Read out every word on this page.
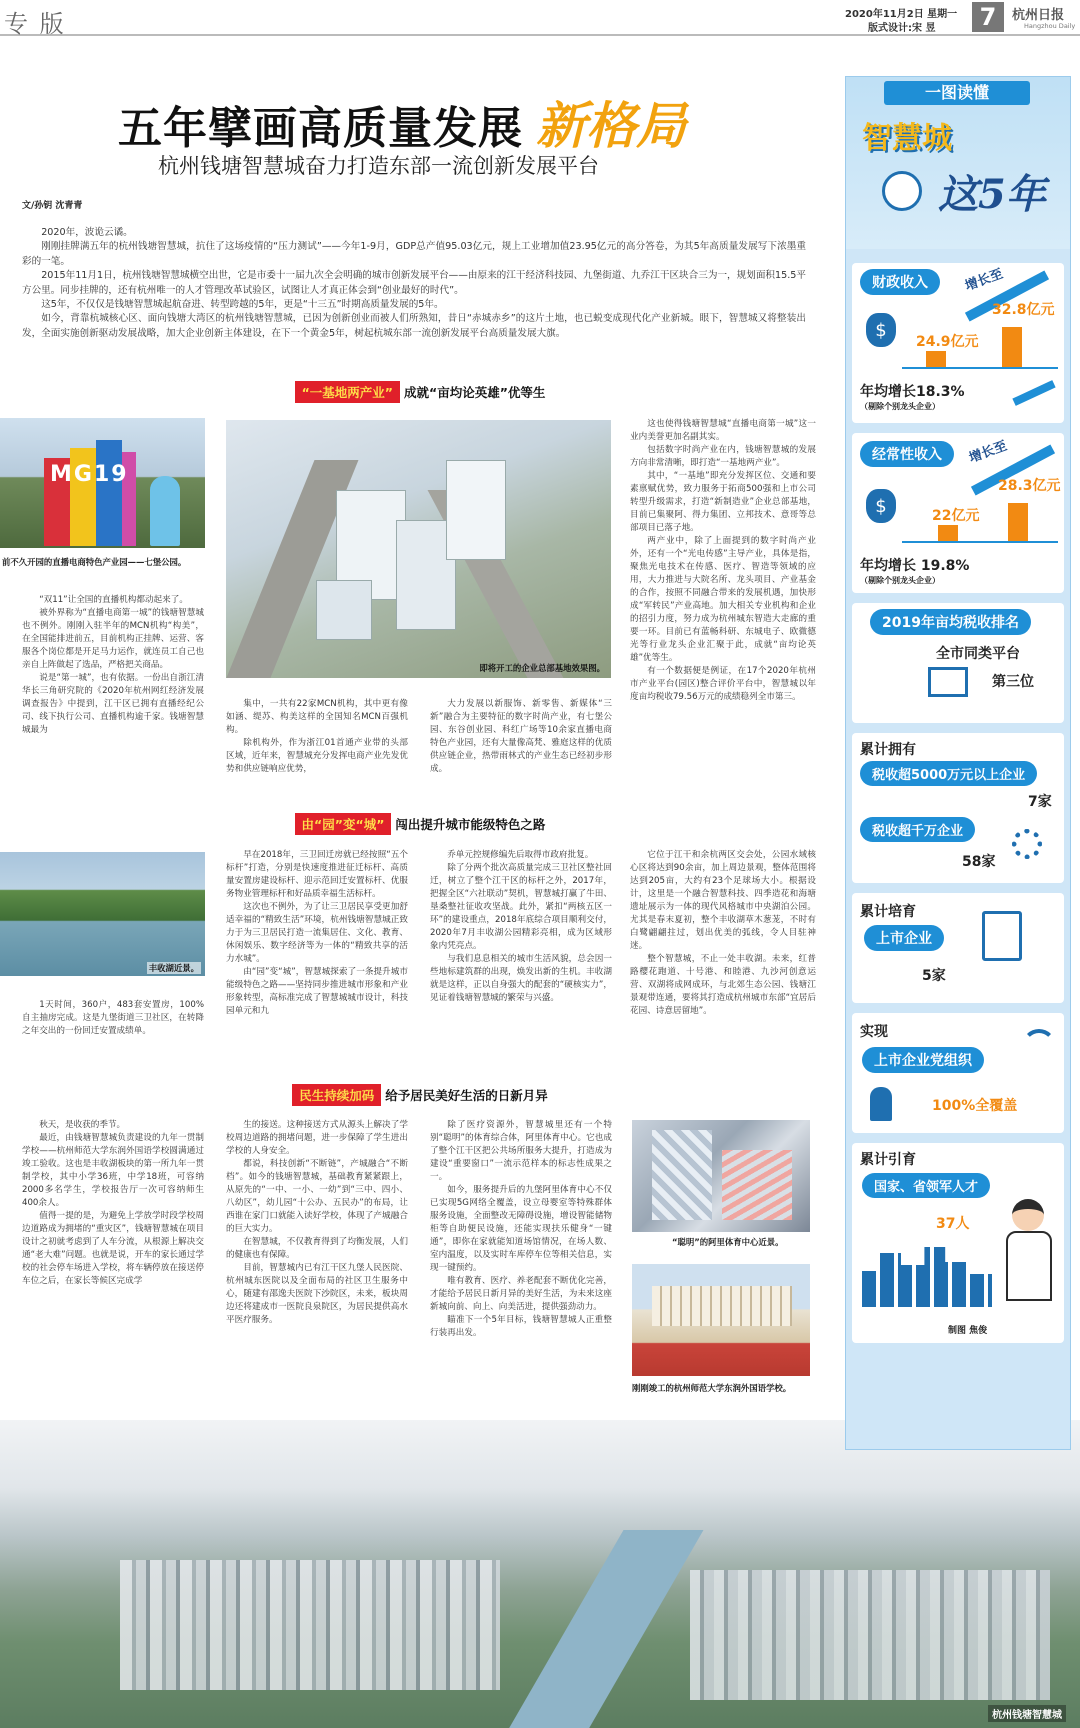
专 版	2020年11月2日 星期一
版式设计:宋 昱	7	杭州日报
Hangzhou Daily
五年擘画高质量发展 新格局
杭州钱塘智慧城奋力打造东部一流创新发展平台
文/孙钥 沈青青

2020年，波诡云谲。

刚刚挂牌满五年的杭州钱塘智慧城，抗住了这场疫情的“压力测试”——今年1-9月，GDP总产值95.03亿元，规上工业增加值23.95亿元的高分答卷，为其5年高质量发展写下浓墨重彩的一笔。

2015年11月1日，杭州钱塘智慧城横空出世，它是市委十一届九次全会明确的城市创新发展平台——由原来的江干经济科技园、九堡街道、九乔江干区块合三为一，规划面积15.5平方公里。同步挂牌的，还有杭州唯一的人才管理改革试验区，试图让人才真正体会到“创业最好的时代”。

这5年，不仅仅是钱塘智慧城起航奋进、转型跨越的5年，更是“十三五”时期高质量发展的5年。

如今，背靠杭城核心区、面向钱塘大湾区的杭州钱塘智慧城，已因为创新创业而被人们所熟知，昔日“赤城赤乡”的这片土地，也已蜕变成现代化产业新城。眼下，智慧城又将整装出发，全面实施创新驱动发展战略，加大企业创新主体建设，在下一个黄金5年，树起杭城东部一流创新发展平台高质量发展大旗。

“一基地两产业” 成就“亩均论英雄”优等生
MG19
前不久开园的直播电商特色产业园——七堡公园。
即将开工的企业总部基地效果图。

“双11”让全国的直播机构都动起来了。

被外界称为“直播电商第一城”的钱塘智慧城也不例外。刚刚入驻半年的MCN机构“构美”，在全国能排进前五，目前机构正挂牌、运营、客服各个岗位都是开足马力运作，就连员工自己也亲自上阵做起了选品，严格把关商品。

说是“第一城”，也有依据。一份出自浙江清华长三角研究院的《2020年杭州网红经济发展调查报告》中提到，江干区已拥有直播经纪公司、线下执行公司、直播机构逾千家。钱塘智慧城最为

集中，一共有22家MCN机构，其中更有像如涵、缇苏、构美这样的全国知名MCN百强机构。

除机构外，作为浙江01首通产业带的头部区域，近年来，智慧城充分发挥电商产业先发优势和供应链响应优势，

大力发展以新服饰、新零售、新媒体“三新”融合为主要特征的数字时尚产业，有七堡公园、东谷创业园、科红广场等10余家直播电商特色产业园，还有大量像高梵、雅庭这样的优质供应链企业，热带雨林式的产业生态已经初步形成。

这也使得钱塘智慧城“直播电商第一城”这一业内美誉更加名副其实。

包括数字时尚产业在内，钱塘智慧城的发展方向非常清晰，即打造“一基地两产业”。

其中，“一基地”即充分发挥区位、交通和要素禀赋优势，致力服务于拓商500强和上市公司转型升级需求，打造“新制造业”企业总部基地，目前已集聚阿、得力集团、立邦技术、意哥等总部项目已落子地。

两产业中，除了上面提到的数字时尚产业外，还有一个“光电传感”主导产业，具体是指，聚焦光电技术在传感、医疗、智造等领域的应用，大力推进与大院名所、龙头项目、产业基金的合作，按照不同融合带来的发展机遇，加快形成“军转民”产业高地。加大相关专业机构和企业的招引力度，努力成为杭州城东智造大走廊的重要一环。目前已有蓝畅科研、东城电子、欧微德光等行业龙头企业汇聚于此，成就“亩均论英雄”优等生。

有一个数据便是例证，在17个2020年杭州市产业平台(园区)整合评价平台中，智慧城以年度亩均税收79.56万元的成绩稳列全市第三。

由“园”变“城” 闯出提升城市能级特色之路
丰收湖近景。

1天时间，360户，483套安置房，100%自主抽房完成。这是九堡街道三卫社区，在转降之年交出的一份回迁安置成绩单。

早在2018年，三卫回迁房就已经按照“五个标杆”打造，分别是快速度推进征迁标杆、高质量安置房建设标杆、迎示范回迁安置标杆、优服务物业管理标杆和好品质幸福生活标杆。

这次也不例外，为了让三卫居民享受更加舒适幸福的“精致生活”环境，杭州钱塘智慧城正致力于为三卫居民打造一流集居住、文化、教育、休闲娱乐、数字经济等为一体的“精致共享的活力水城”。

由“园”变“城”，智慧城探索了一条提升城市能级特色之路——坚持同步推进城市形象和产业形象转型，高标准完成了智慧城城市设计，科技园单元和九

乔单元控规修编先后取得市政府批复。

除了分两个批次高质量完成三卫社区整社回迁，树立了整个江干区的标杆之外，2017年，把握全区“六社联动”契机，智慧城打赢了牛田、垦桑整社征收攻坚战。此外，紧扣“两核五区一环”的建设重点，2018年底综合项目顺利交付，2020年7月丰收湖公园精彩亮相，成为区域形象内凭亮点。

与我们息息相关的城市生活风貌，总会因一些地标建筑群的出现，焕发出新的生机。丰收湖就是这样，正以自身强大的配套的“硬核实力”，见证着钱塘智慧城的繁荣与兴盛。

它位于江干和余杭两区交会处，公园水域核心区将达到90余亩，加上周边景观，整体范围将达到205亩，大约有23个足球场大小。根据设计，这里是一个融合智慧科技、四季造花和海塘遗址展示为一体的现代风格城市中央湖泊公园。尤其是春末夏初，整个丰收湖草木葱茏，不时有白鹭翩翩拄过，划出优美的弧线，令人目驻神迷。

整个智慧城，不止一处丰收湖。未来，红普路樱花跑道、十号港、和睦港、九沙河创意运营、双湖将成网成环，与北郊生态公园、钱塘江景观带连通，要将其打造成杭州城市东部“宜居后花园、诗意居留地”。

民生持续加码 给予居民美好生活的日新月异

秋天，是收获的季节。

最近，由钱塘智慧城负责建设的九年一贯制学校——杭州师范大学东润外国语学校圆满通过竣工验收。这也是丰收湖板块的第一所九年一贯制学校，其中小学36班，中学18班，可容纳2000多名学生，学校报告厅一次可容纳师生400余人。

值得一提的是，为避免上学放学时段学校周边道路成为拥堵的“重灾区”，钱塘智慧城在项目设计之初就考虑到了人车分流，从根源上解决交通“老大难”问题。也就是说，开车的家长通过学校的社会停车场进入学校，将车辆停放在接送停车位之后，在家长等候区完成学

生的接送。这种接送方式从源头上解决了学校周边道路的拥堵问题，进一步保障了学生进出学校的人身安全。

都说，科技创新“不断链”，产城融合“不断档”。如今的钱塘智慧城，基础教育紧紧跟上，从原先的“一中、一小、一幼”到“三中、四小、八幼区”，幼儿园“十公办、五民办”的布局，让西谁在家门口就能入读好学校，体现了产城融合的巨大实力。

在智慧城，不仅教育得到了均衡发展，人们的健康也有保障。

目前，智慧城内已有江干区九堡人民医院、杭州城东医院以及全面布局的社区卫生服务中心，随建有邵逸夫医院下沙院区，未来，板块周边还将建成市一医院良泉院区，为居民提供高水平医疗服务。

除了医疗资源外，智慧城里还有一个特别“聪明”的体育综合体，阿里体育中心。它也成了整个江干区把公共场所服务大提升，打造成为建设“重要窗口”一流示范样本的标志性成果之一。

如今，服务提升后的九堡阿里体育中心不仅已实现5G网络全覆盖，设立母婴室等特殊群体服务设施，全面整改无障碍设施，增设智能储物柜等自助便民设施，还能实现扶乐健身“一键通”，即你在家就能知道场馆情况，在场人数、室内温度，以及实时车库停车位等相关信息，实现一键预约。

唯有教育、医疗、养老配套不断优化完善，才能给予居民日新月异的美好生活，为未来这座新城向前、向上、向美活进，提供强劲动力。

瞄准下一个5年目标，钱塘智慧城人正重整行装再出发。

“聪明”的阿里体育中心近景。
刚刚竣工的杭州师范大学东润外国语学校。
杭州钱塘智慧城
一图读懂
智慧城
这5年
财政收入	增长至
$
24.9亿元
32.8亿元
年均增长18.3%
（剔除个别龙头企业）
经常性收入	增长至
$	22亿元
28.3亿元
年均增长 19.8%
（剔除个别龙头企业）
2019年亩均税收排名
全市同类平台
第三位
累计拥有
税收超5000万元以上企业
7家
税收超千万企业
58家
累计培育
上市企业
5家
实现
上市企业党组织
100%全覆盖
累计引育
国家、省领军人才
37人
制图 焦俊
